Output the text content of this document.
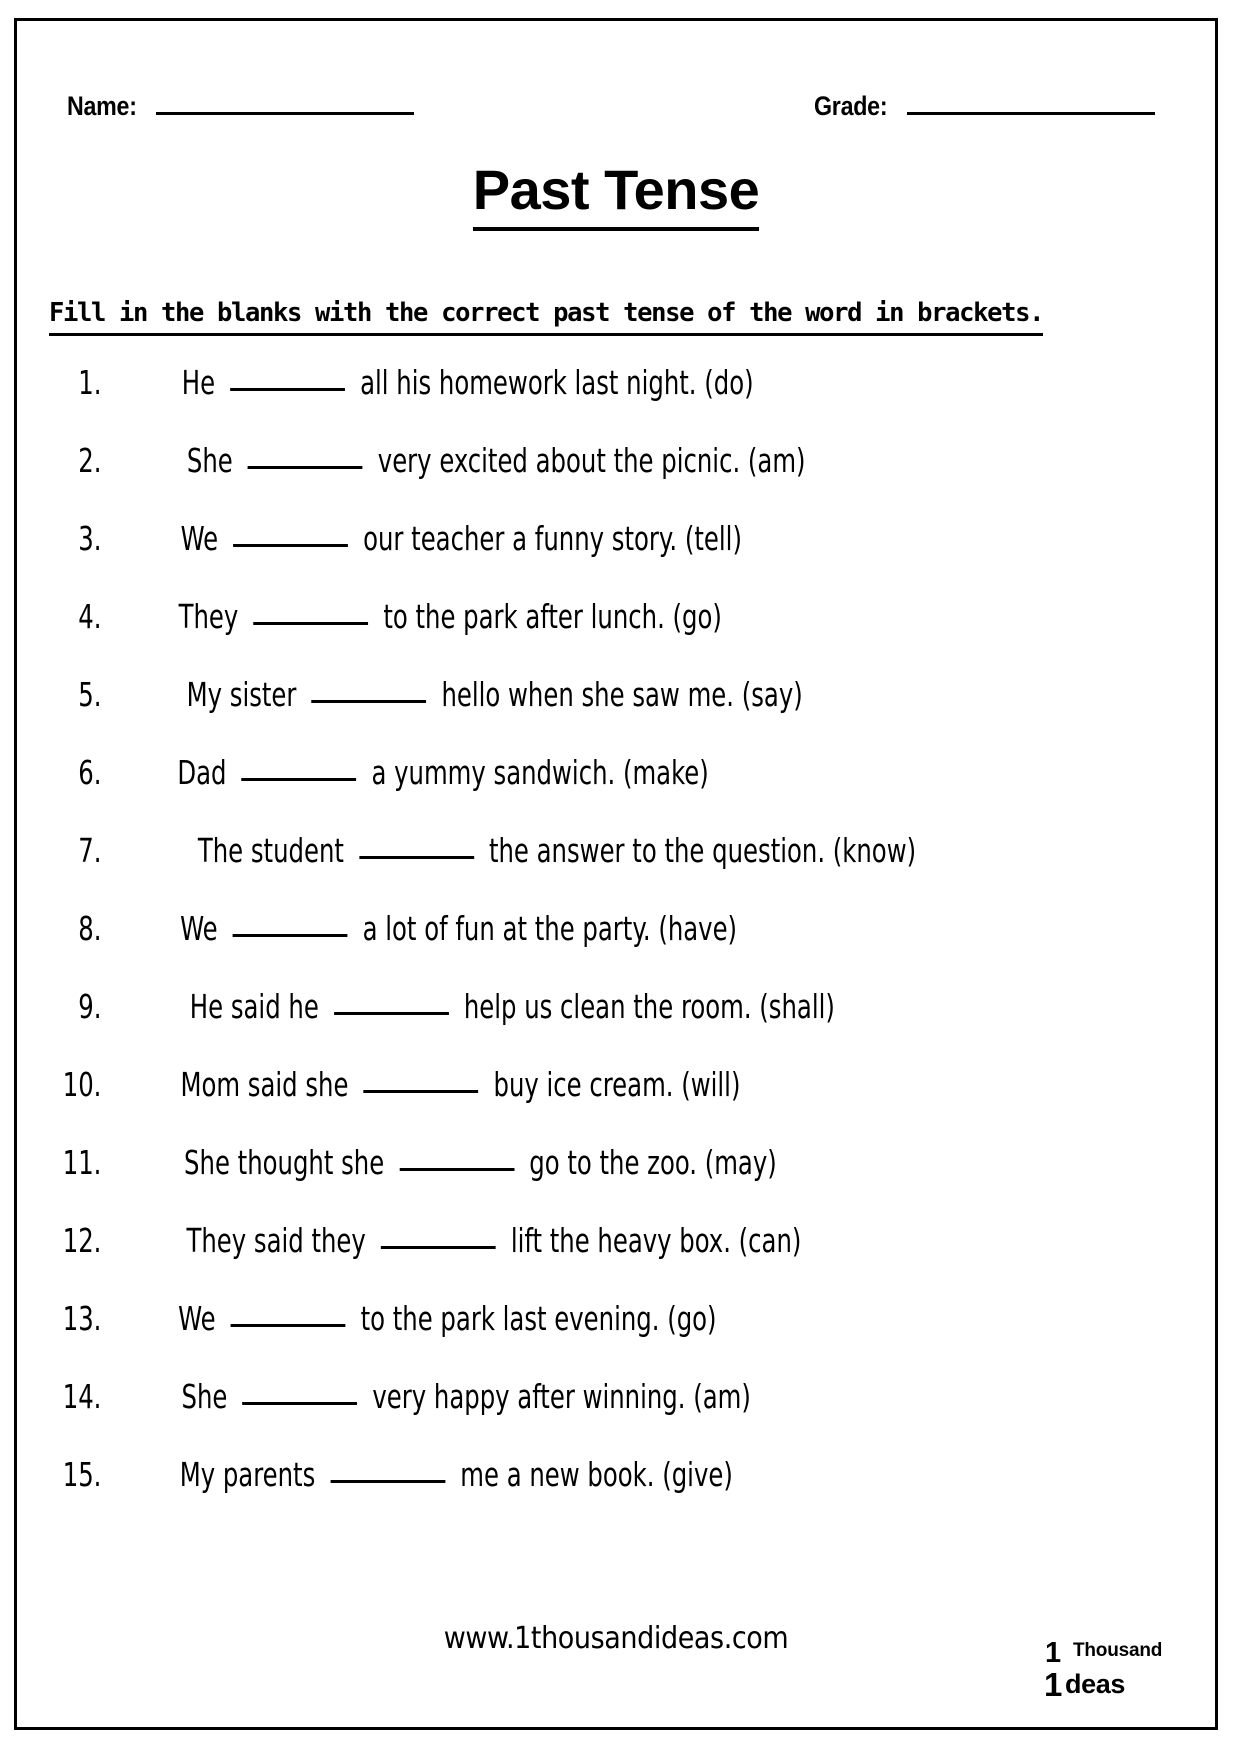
Name:	Grade:
Past Tense
Fill in the blanks with the correct past tense of the word in brackets.
1. He	all his homework last night. (do)
2.	She	very excited about the picnic. (am)
3. We	our teacher a funny story. (tell)
4. They	to the park after lunch. (go)
5.	My sister	hello when she saw me. (say)
6. Dad	a yummy sandwich. (make)
7.	The student	the answer to the question. (know)
8. We	a lot of fun at the party. (have)
9.	He said he	help us clean the room. (shall)
10. Mom said she	buy ice cream. (will)
11.	She thought she	go to the zoo. (may)
12.	They said they	lift the heavy box. (can)
13. We	to the park last evening. (go)
14. She	very happy after winning. (am)
15. My parents	me a new book. (give)
www.1thousandideas.com	1 Thousand
1 deas
